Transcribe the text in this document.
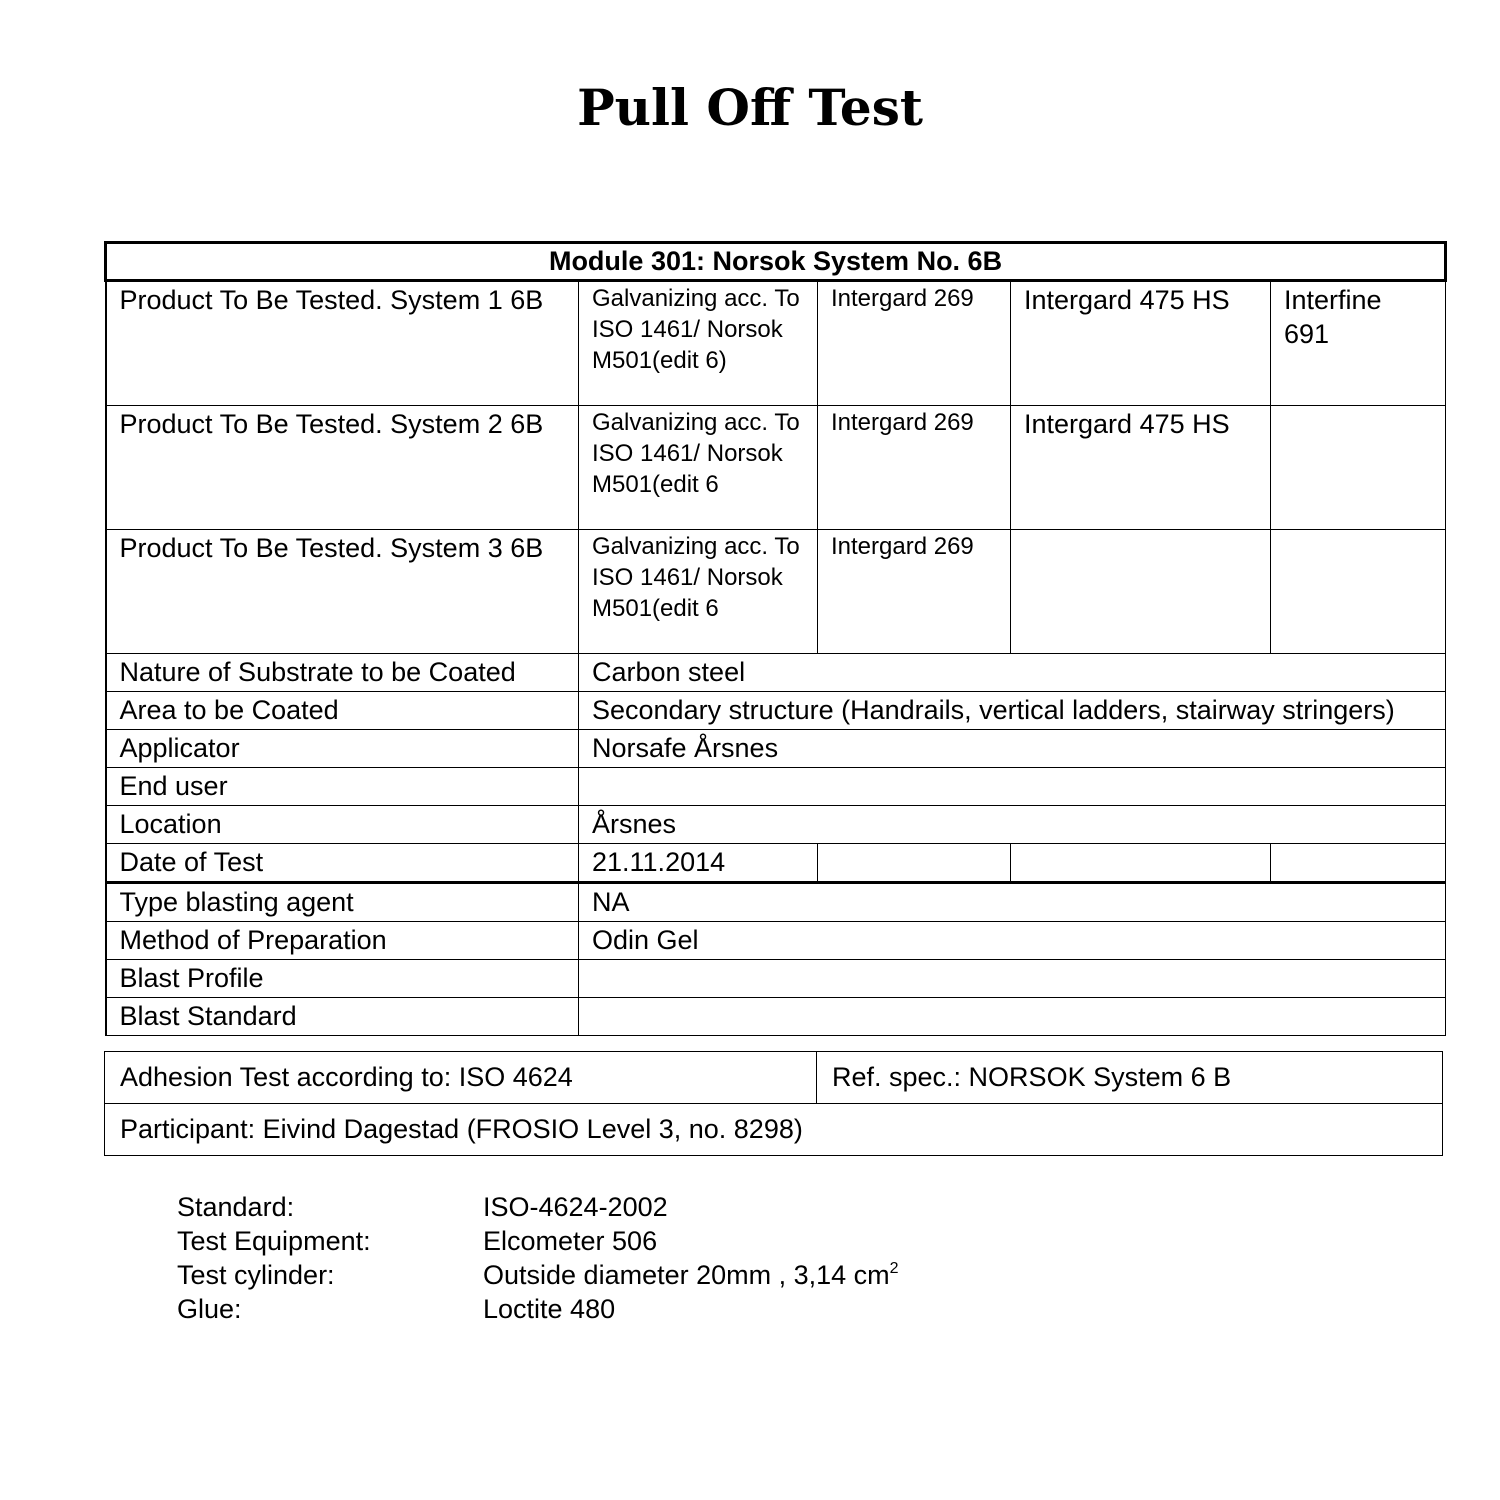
Pull Off Test
Module 301: Norsok System No. 6B				
Product To Be Tested. System 1 6B	Galvanizing acc. To ISO 1461/ Norsok M501(edit 6)	Intergard 269	Intergard 475 HS	Interfine 691
Product To Be Tested. System 2 6B	Galvanizing acc. To ISO 1461/ Norsok M501(edit 6	Intergard 269	Intergard 475 HS	
Product To Be Tested. System 3 6B	Galvanizing acc. To ISO 1461/ Norsok M501(edit 6	Intergard 269		
Nature of Substrate to be Coated	Carbon steel			
Area to be Coated	Secondary structure (Handrails, vertical ladders, stairway stringers)			
Applicator	Norsafe Årsnes			
End user				
Location	Årsnes			
Date of Test	21.11.2014			
Type blasting agent	NA			
Method of Preparation	Odin Gel			
Blast Profile				
Blast Standard				
Adhesion Test according to: ISO 4624	Ref. spec.: NORSOK System 6 B
Participant: Eivind Dagestad (FROSIO Level 3, no. 8298)
Standard:	ISO-4624-2002
Test Equipment:	Elcometer 506
Test cylinder:	Outside diameter 20mm , 3,14 $cm^2$
Glue:	Loctite 480
